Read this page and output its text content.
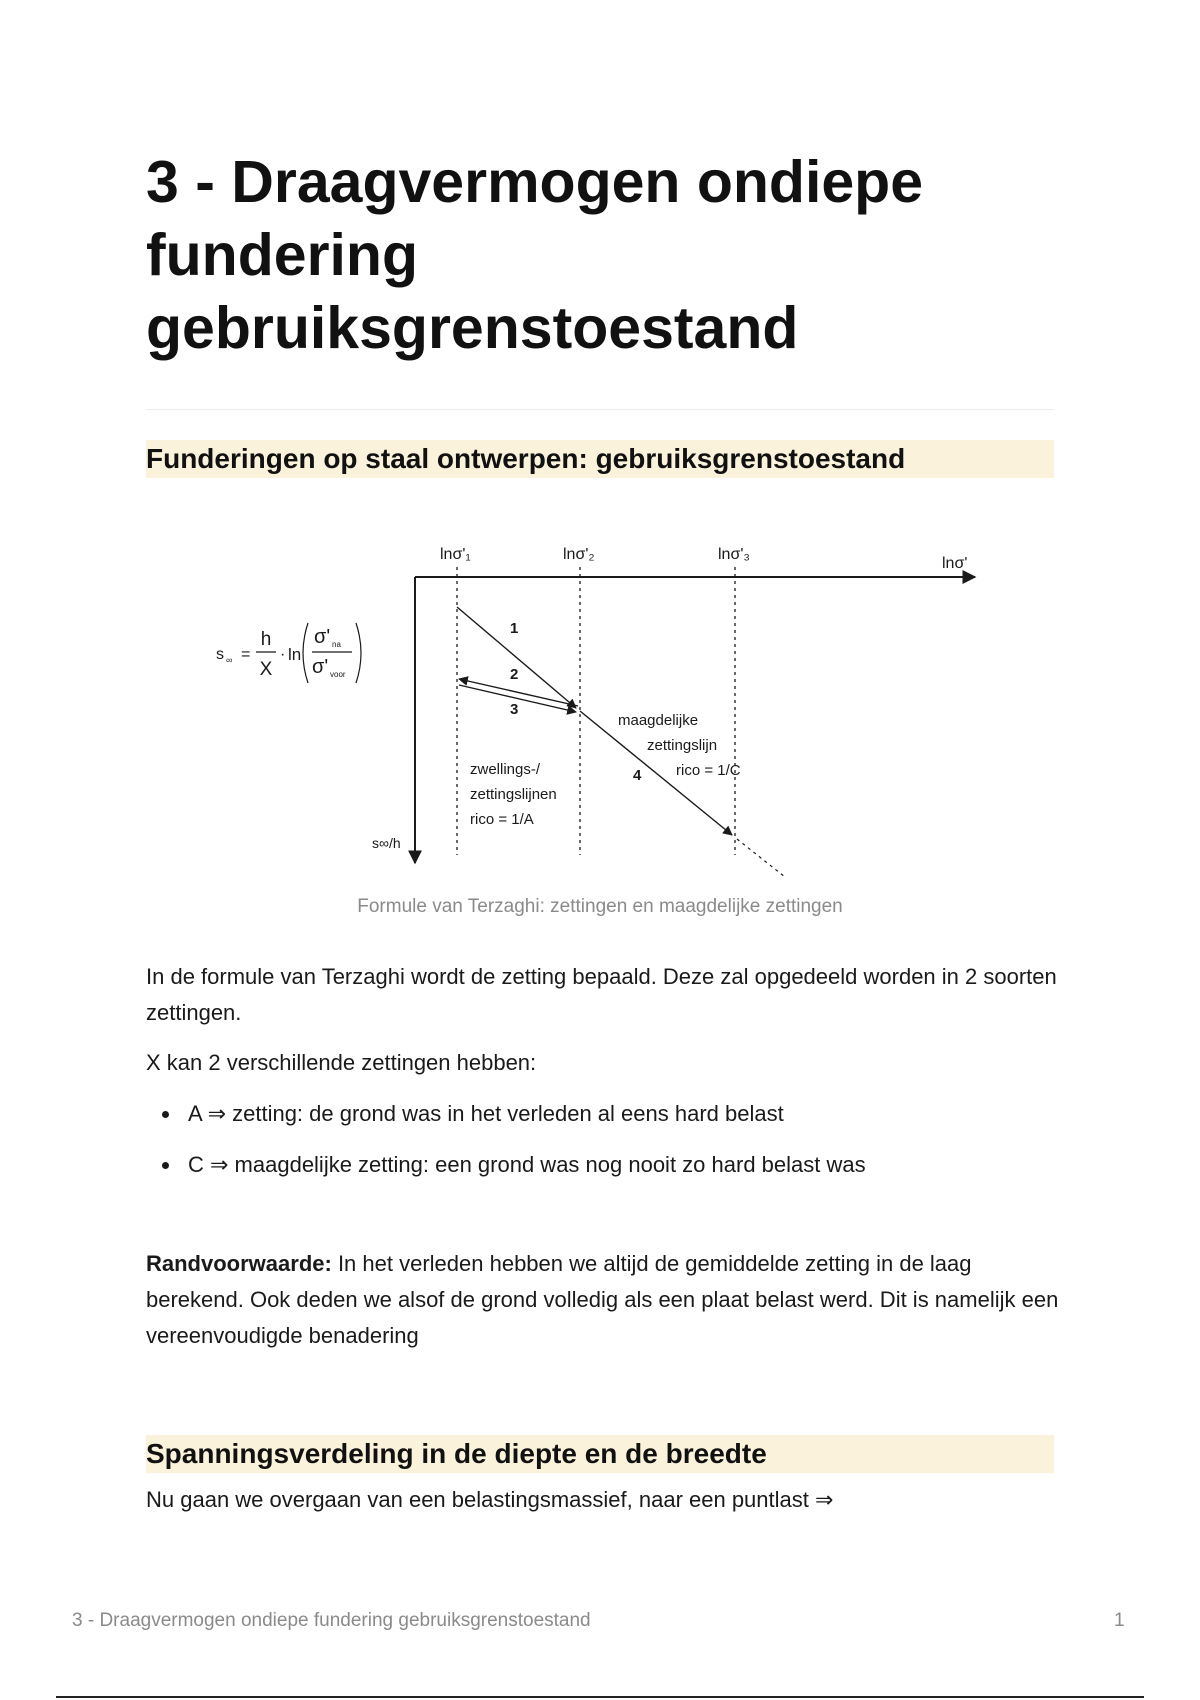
3 - Draagvermogen ondiepe fundering gebruiksgrenstoestand
Funderingen op staal ontwerpen: gebruiksgrenstoestand
s ∞ =
h
X
· ln
σ' na
σ' voor
lnσ'
s∞/h
lnσ'₁	lnσ'₂	lnσ'₃
1
2
3
4
maagdelijke
zettingslijn
rico = 1/C
zwellings-/
zettingslijnen
rico = 1/A
Formule van Terzaghi: zettingen en maagdelijke zettingen

In de formule van Terzaghi wordt de zetting bepaald. Deze zal opgedeeld worden in 2 soorten zettingen.

X kan 2 verschillende zettingen hebben:

A ⇒ zetting: de grond was in het verleden al eens hard belast
C ⇒ maagdelijke zetting: een grond was nog nooit zo hard belast was

Randvoorwaarde: In het verleden hebben we altijd de gemiddelde zetting in de laag berekend. Ook deden we alsof de grond volledig als een plaat belast werd. Dit is namelijk een vereenvoudigde benadering

Spanningsverdeling in de diepte en de breedte

Nu gaan we overgaan van een belastingsmassief, naar een puntlast ⇒

3 - Draagvermogen ondiepe fundering gebruiksgrenstoestand	1
